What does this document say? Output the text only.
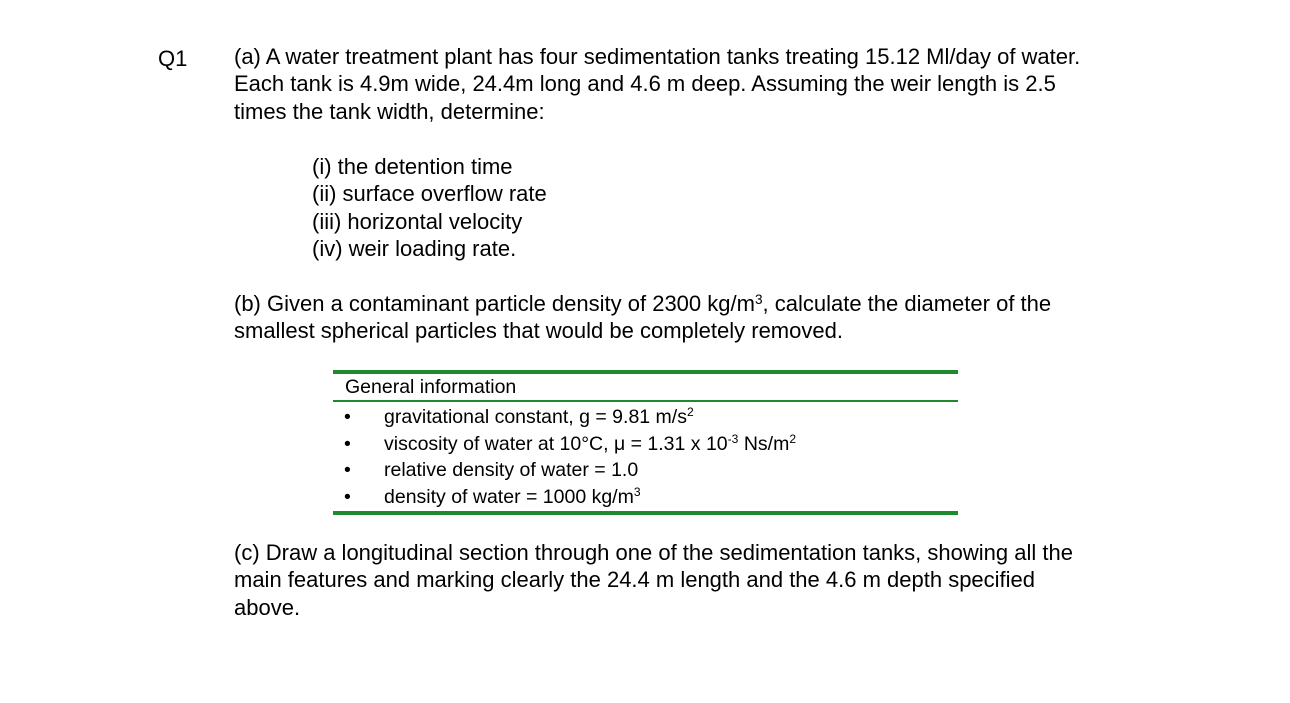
Q1 (a) A water treatment plant has four sedimentation tanks treating 15.12 Ml/day of water.
Each tank is 4.9m wide, 24.4m long and 4.6 m deep. Assuming the weir length is 2.5
times the tank width, determine:
(i) the detention time
(ii) surface overflow rate
(iii) horizontal velocity
(iv) weir loading rate.
(b) Given a contaminant particle density of 2300 $kg/m^3$, calculate the diameter of the
smallest spherical particles that would be completely removed.
General information
• gravitational constant, g = 9.81 $m/s^2$
• viscosity of water at 10°C, μ = 1.31 x $10^{-3}$ $Ns/m^2$
• relative density of water = 1.0
• density of water = 1000 $kg/m^3$
(c) Draw a longitudinal section through one of the sedimentation tanks, showing all the
main features and marking clearly the 24.4 m length and the 4.6 m depth specified
above.
